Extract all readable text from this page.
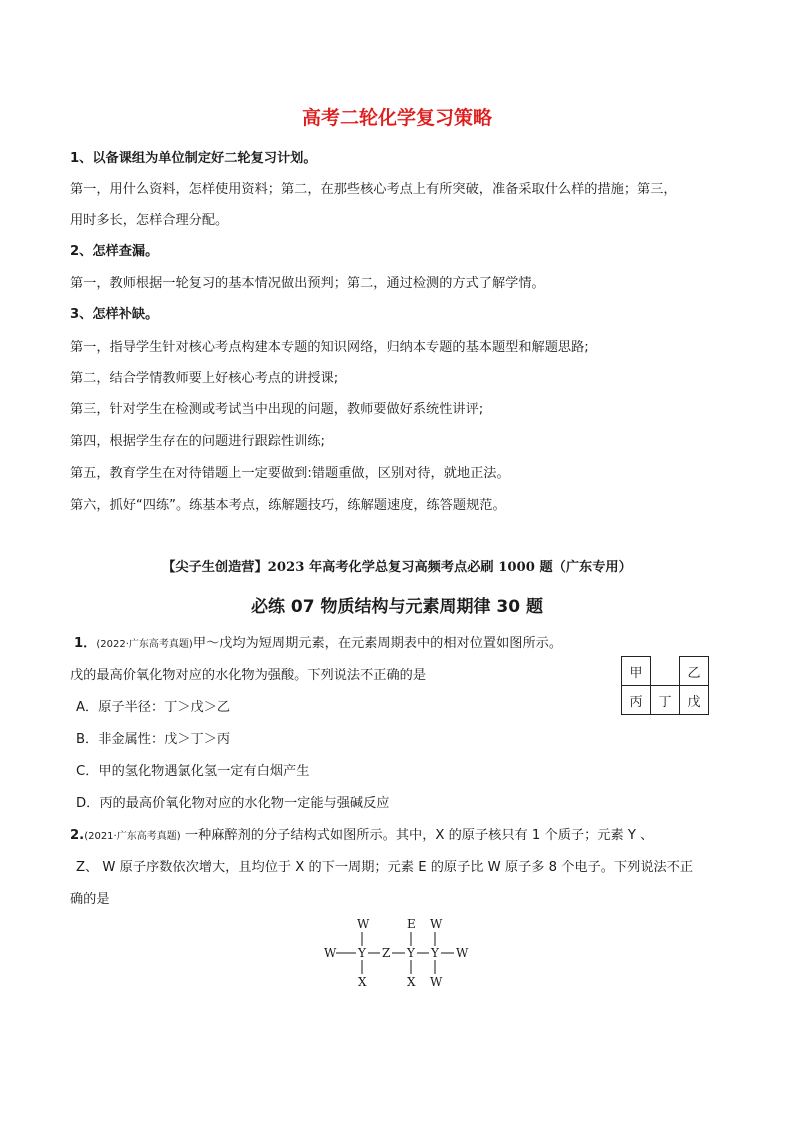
高考二轮化学复习策略
1、以备课组为单位制定好二轮复习计划。
第一，用什么资料，怎样使用资料；第二，在那些核心考点上有所突破，准备采取什么样的措施；第三，
用时多长，怎样合理分配。
2、怎样查漏。
第一，教师根据一轮复习的基本情况做出预判；第二，通过检测的方式了解学情。
3、怎样补缺。
第一，指导学生针对核心考点构建本专题的知识网络，归纳本专题的基本题型和解题思路;
第二，结合学情教师要上好核心考点的讲授课;
第三，针对学生在检测或考试当中出现的问题，教师要做好系统性讲评;
第四，根据学生存在的问题进行跟踪性训练;
第五，教育学生在对待错题上一定要做到:错题重做，区别对待，就地正法。
第六，抓好“四练”。练基本考点，练解题技巧，练解题速度，练答题规范。
【尖子生创造营】2023 年高考化学总复习高频考点必刷 1000 题（广东专用）
必练 07 物质结构与元素周期律 30 题
1．(2022·广东高考真题)甲～戊均为短周期元素，在元素周期表中的相对位置如图所示。
戊的最高价氧化物对应的水化物为强酸。下列说法不正确的是
A．原子半径：丁＞戊＞乙
B．非金属性：戊＞丁＞丙
C．甲的氢化物遇氯化氢一定有白烟产生
D．丙的最高价氧化物对应的水化物一定能与强碱反应
甲		乙
丙	丁	戊
2.(2021·广东高考真题) 一种麻醉剂的分子结构式如图所示。其中，X 的原子核只有 1 个质子；元素 Y 、
Z、 W 原子序数依次增大，且均位于 X 的下一周期；元素 E 的原子比 W 原子多 8 个电子。下列说法不正
确的是
W	E W
W Y Z Y Y W
X	X W
